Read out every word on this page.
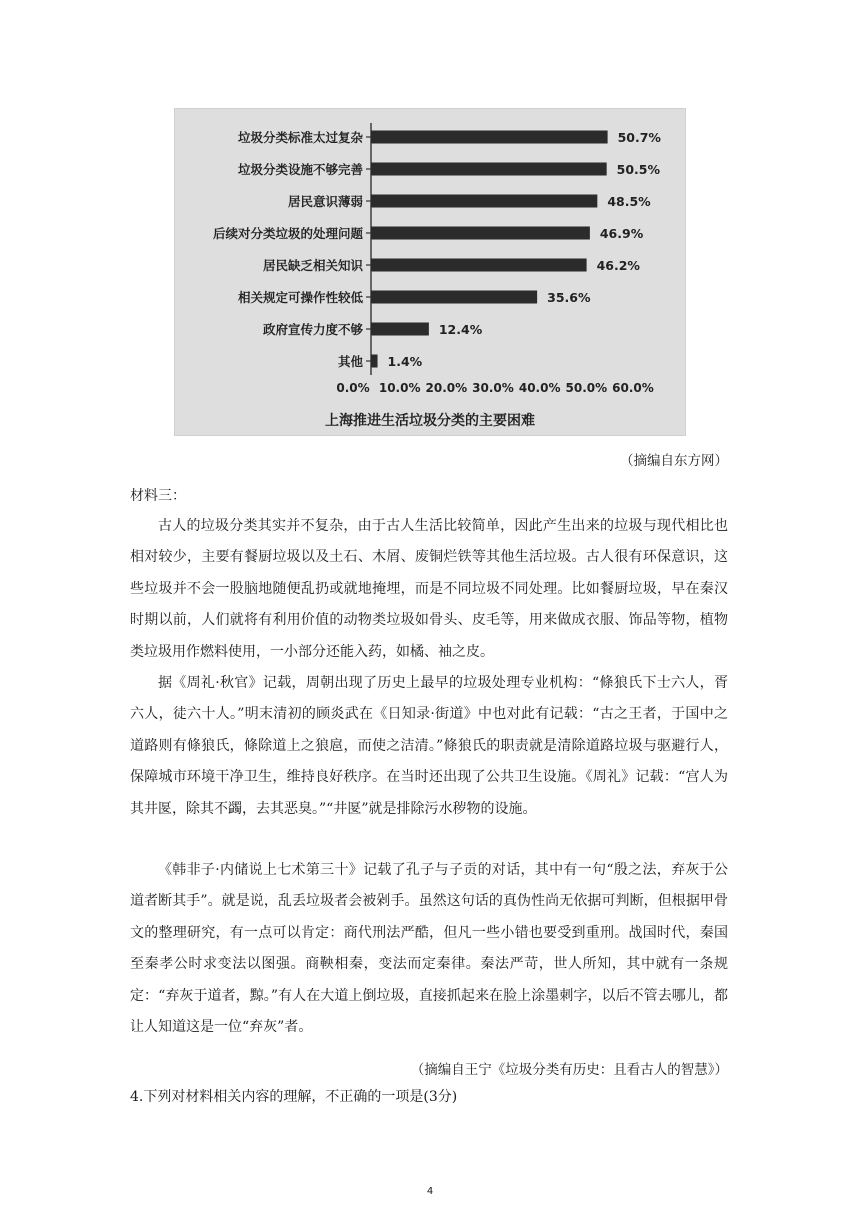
垃圾分类标准太过复杂	50.7%
垃圾分类设施不够完善	50.5%
居民意识薄弱	48.5%
后续对分类垃圾的处理问题	46.9%
居民缺乏相关知识	46.2%
相关规定可操作性较低	35.6%
政府宣传力度不够	12.4%
其他 1.4%
0.0% 10.0% 20.0% 30.0% 40.0% 50.0% 60.0%
上海推进生活垃圾分类的主要困难
（摘编自东方网）
材料三：

古人的垃圾分类其实并不复杂，由于古人生活比较简单，因此产生出来的垃圾与现代相比也相对较少，主要有餐厨垃圾以及土石、木屑、废铜烂铁等其他生活垃圾。古人很有环保意识，这些垃圾并不会一股脑地随便乱扔或就地掩埋，而是不同垃圾不同处理。比如餐厨垃圾，早在秦汉时期以前，人们就将有利用价值的动物类垃圾如骨头、皮毛等，用来做成衣服、饰品等物，植物类垃圾用作燃料使用，一小部分还能入药，如橘、袖之皮。

据《周礼·秋官》记载，周朝出现了历史上最早的垃圾处理专业机构：“條狼氏下士六人，胥六人，徒六十人。”明末清初的顾炎武在《日知录·街道》中也对此有记载：“古之王者，于国中之道路则有條狼氏，條除道上之狼扈，而使之洁清。”條狼氏的职责就是清除道路垃圾与驱避行人，保障城市环境干净卫生，维持良好秩序。在当时还出现了公共卫生设施。《周礼》记载：“宫人为其井匽，除其不蠲，去其恶臭。”“井匽”就是排除污水秽物的设施。

《韩非子·内储说上七术第三十》记载了孔子与子贡的对话，其中有一句“殷之法，弃灰于公道者断其手”。就是说，乱丢垃圾者会被剁手。虽然这句话的真伪性尚无依据可判断，但根据甲骨文的整理研究，有一点可以肯定：商代刑法严酷，但凡一些小错也要受到重刑。战国时代，秦国至秦孝公时求变法以图强。商鞅相秦，变法而定秦律。秦法严苛，世人所知，其中就有一条规定：“弃灰于道者，黥。”有人在大道上倒垃圾，直接抓起来在脸上涂墨刺字，以后不管去哪儿，都让人知道这是一位“弃灰”者。

（摘编自王宁《垃圾分类有历史：且看古人的智慧》）
4.下列对材料相关内容的理解，不正确的一项是(3分)
4
